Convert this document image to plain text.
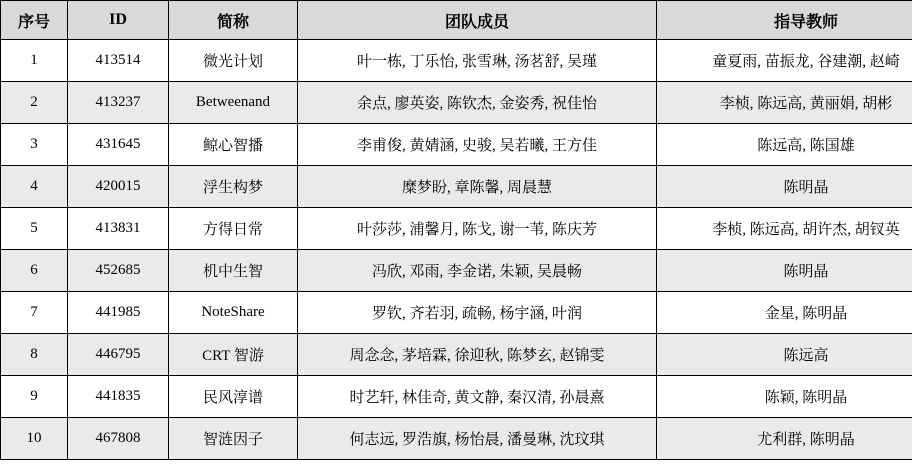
序号	ID	简称	团队成员	指导教师
1	413514	微光计划	叶一栋, 丁乐怡, 张雪琳, 汤茗舒, 吴瑾	童夏雨, 苗振龙, 谷建潮, 赵崎
2	413237	Betweenand	余点, 廖英姿, 陈钦杰, 金姿秀, 祝佳怡	李桢, 陈远高, 黄丽娟, 胡彬
3	431645	鲸心智播	李甫俊, 黄婧涵, 史骏, 吴若曦, 王方佳	陈远高, 陈国雄
4	420015	浮生构梦	糜梦盼, 章陈馨, 周晨慧	陈明晶
5	413831	方得日常	叶莎莎, 浦馨月, 陈戈, 谢一苇, 陈庆芳	李桢, 陈远高, 胡许杰, 胡钗英
6	452685	机中生智	冯欣, 邓雨, 李金诺, 朱颖, 吴晨畅	陈明晶
7	441985	NoteShare	罗钦, 齐若羽, 疏畅, 杨宇涵, 叶润	金星, 陈明晶
8	446795	CRT 智游	周念念, 茅培霖, 徐迎秋, 陈梦玄, 赵锦雯	陈远高
9	441835	民风淳谱	时艺轩, 林佳奇, 黄文静, 秦汉清, 孙晨熹	陈颖, 陈明晶
10	467808	智涟因子	何志远, 罗浩旗, 杨怡晨, 潘曼琳, 沈玟琪	尤利群, 陈明晶
